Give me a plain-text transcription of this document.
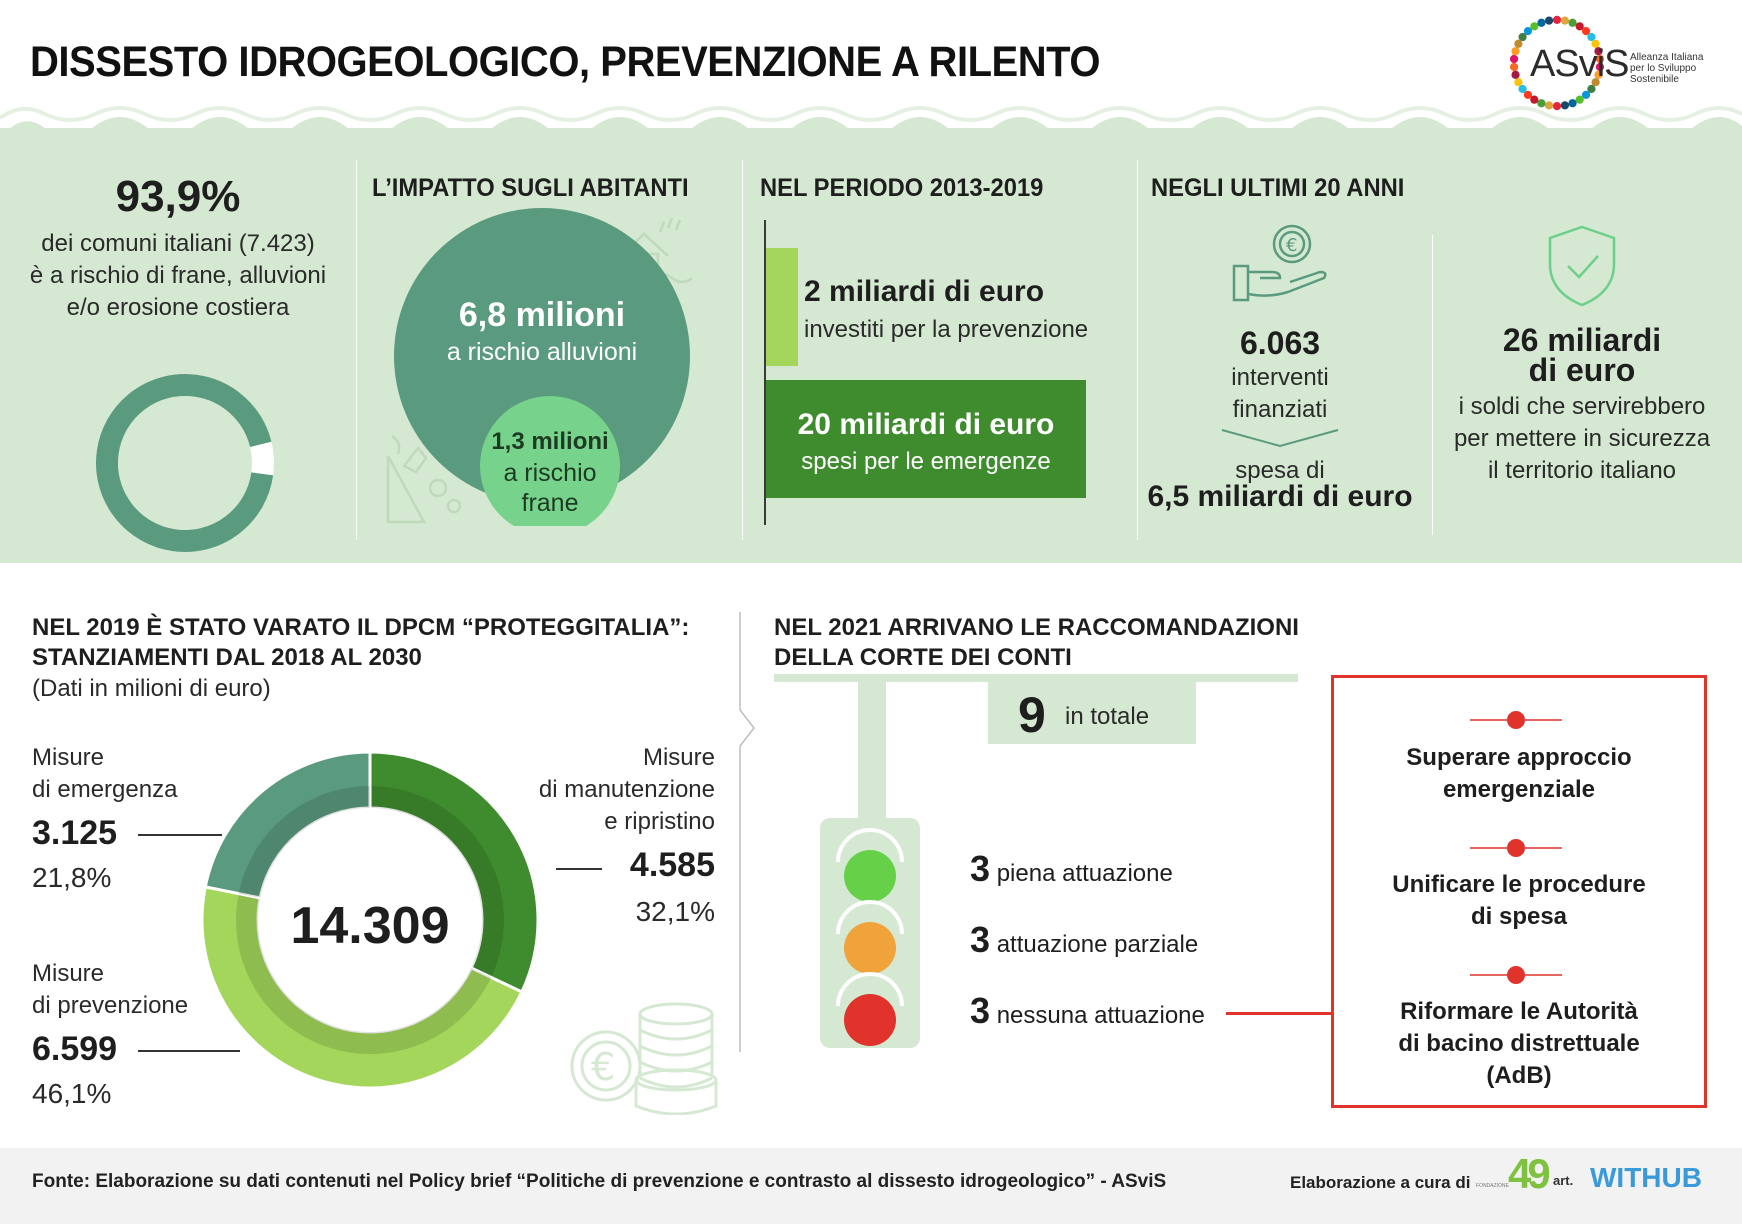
DISSESTO IDROGEOLOGICO, PREVENZIONE A RILENTO	ASviS Alleanza Italiana
per lo Sviluppo
Sostenibile
93,9%
dei comuni italiani (7.423)
è a rischio di frane, alluvioni
e/o erosione costiera
L’IMPATTO SUGLI ABITANTI
6,8 milioni
a rischio alluvioni
1,3 milioni
a rischio
frane
NEL PERIODO 2013-2019
2 miliardi di euro
investiti per la prevenzione
20 miliardi di euro
spesi per le emergenze
NEGLI ULTIMI 20 ANNI
€
6.063
interventi
finanziati
spesa di
6,5 miliardi di euro
26 miliardi
di euro
i soldi che servirebbero
per mettere in sicurezza
il territorio italiano
NEL 2019 È STATO VARATO IL DPCM “PROTEGGITALIA”:
STANZIAMENTI DAL 2018 AL 2030
(Dati in milioni di euro)
14.309
Misure
di emergenza
3.125
21,8%
Misure
di manutenzione
e ripristino
4.585
32,1%
Misure
di prevenzione
6.599
46,1%
€
NEL 2021 ARRIVANO LE RACCOMANDAZIONI
DELLA CORTE DEI CONTI
9 in totale
3 piena attuazione
3 attuazione parziale
3 nessuna attuazione
Superare approccio
emergenziale
Unificare le procedure
di spesa
Riformare le Autorità
di bacino distrettuale
(AdB)
Fonte: Elaborazione su dati contenuti nel Policy brief “Politiche di prevenzione e contrasto al dissesto idrogeologico” - ASviS	Elaborazione a cura di FONDAZIONE 49 art. WITHUB
